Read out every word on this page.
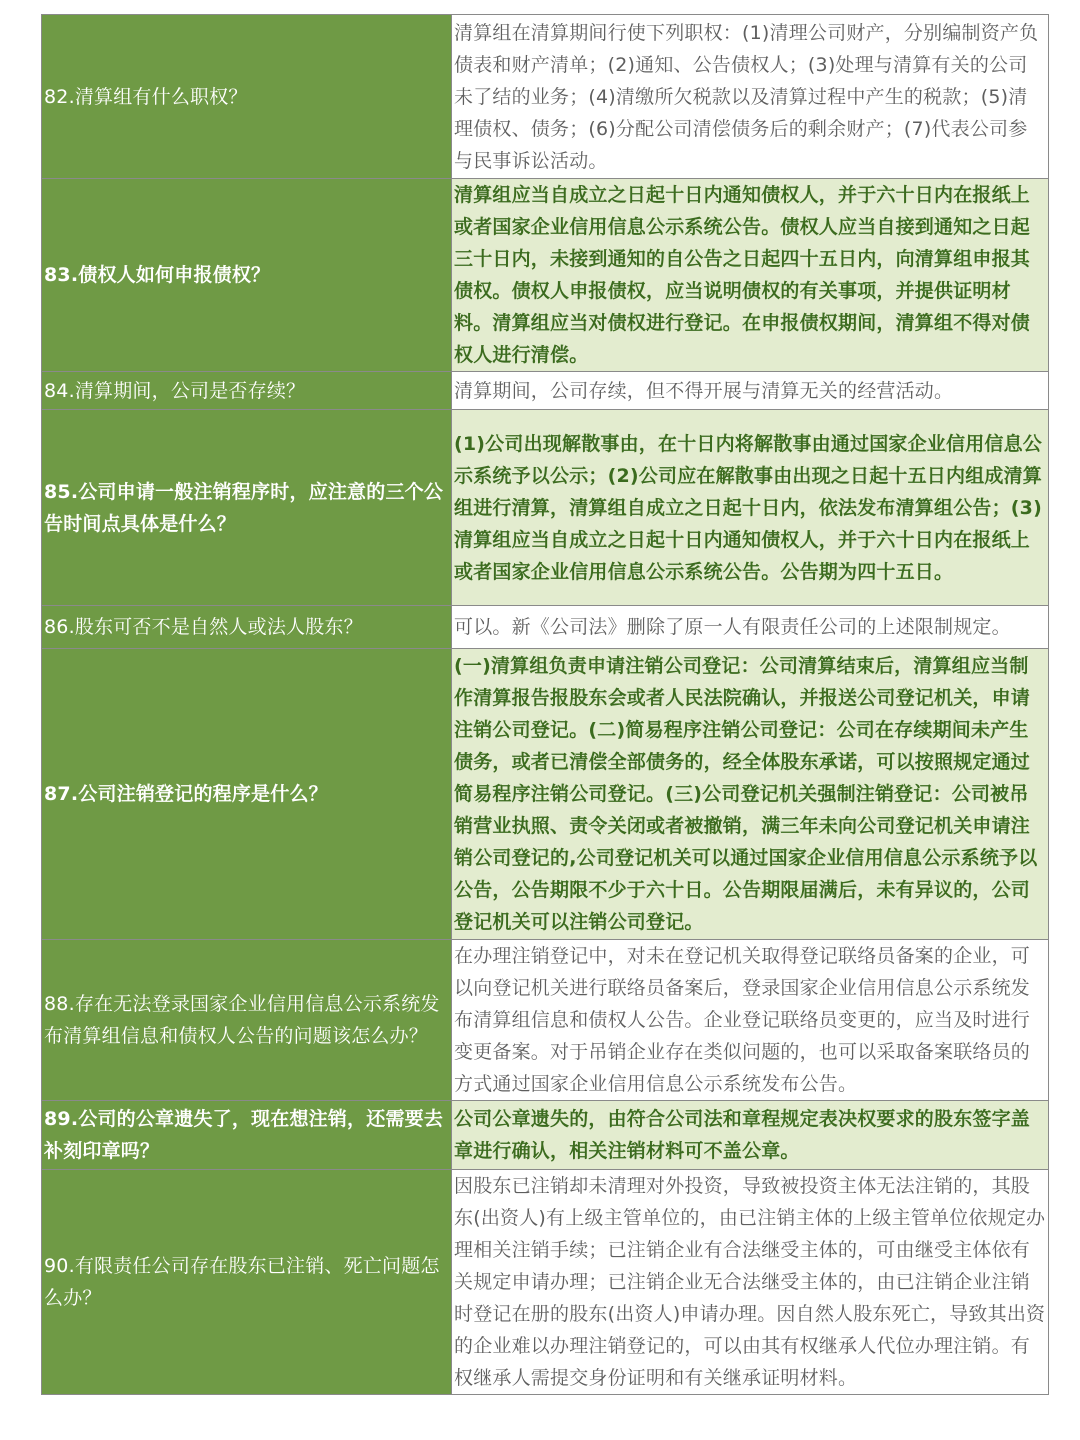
82.清算组有什么职权？	清算组在清算期间行使下列职权：(1)清理公司财产，分别编制资产负债表和财产清单；(2)通知、公告债权人；(3)处理与清算有关的公司未了结的业务；(4)清缴所欠税款以及清算过程中产生的税款；(5)清理债权、债务；(6)分配公司清偿债务后的剩余财产；(7)代表公司参与民事诉讼活动。
83.债权人如何申报债权？	清算组应当自成立之日起十日内通知债权人，并于六十日内在报纸上或者国家企业信用信息公示系统公告。债权人应当自接到通知之日起三十日内，未接到通知的自公告之日起四十五日内，向清算组申报其债权。债权人申报债权，应当说明债权的有关事项，并提供证明材料。清算组应当对债权进行登记。在申报债权期间，清算组不得对债权人进行清偿。
84.清算期间，公司是否存续？	清算期间，公司存续，但不得开展与清算无关的经营活动。
85.公司申请一般注销程序时，应注意的三个公告时间点具体是什么？	(1)公司出现解散事由，在十日内将解散事由通过国家企业信用信息公示系统予以公示；(2)公司应在解散事由出现之日起十五日内组成清算组进行清算，清算组自成立之日起十日内，依法发布清算组公告；(3)清算组应当自成立之日起十日内通知债权人，并于六十日内在报纸上或者国家企业信用信息公示系统公告。公告期为四十五日。
86.股东可否不是自然人或法人股东？	可以。新《公司法》删除了原一人有限责任公司的上述限制规定。
87.公司注销登记的程序是什么？	(一)清算组负责申请注销公司登记：公司清算结束后，清算组应当制作清算报告报股东会或者人民法院确认，并报送公司登记机关，申请注销公司登记。(二)简易程序注销公司登记：公司在存续期间未产生债务，或者已清偿全部债务的，经全体股东承诺，可以按照规定通过简易程序注销公司登记。(三)公司登记机关强制注销登记：公司被吊销营业执照、责令关闭或者被撤销，满三年未向公司登记机关申请注销公司登记的,公司登记机关可以通过国家企业信用信息公示系统予以公告，公告期限不少于六十日。公告期限届满后，未有异议的，公司登记机关可以注销公司登记。
88.存在无法登录国家企业信用信息公示系统发布清算组信息和债权人公告的问题该怎么办？	在办理注销登记中，对未在登记机关取得登记联络员备案的企业，可以向登记机关进行联络员备案后，登录国家企业信用信息公示系统发布清算组信息和债权人公告。企业登记联络员变更的，应当及时进行变更备案。对于吊销企业存在类似问题的，也可以采取备案联络员的方式通过国家企业信用信息公示系统发布公告。
89.公司的公章遗失了，现在想注销，还需要去补刻印章吗？	公司公章遗失的，由符合公司法和章程规定表决权要求的股东签字盖章进行确认，相关注销材料可不盖公章。
90.有限责任公司存在股东已注销、死亡问题怎么办？	因股东已注销却未清理对外投资，导致被投资主体无法注销的，其股东(出资人)有上级主管单位的，由已注销主体的上级主管单位依规定办理相关注销手续；已注销企业有合法继受主体的，可由继受主体依有关规定申请办理；已注销企业无合法继受主体的，由已注销企业注销时登记在册的股东(出资人)申请办理。因自然人股东死亡，导致其出资的企业难以办理注销登记的，可以由其有权继承人代位办理注销。有权继承人需提交身份证明和有关继承证明材料。
